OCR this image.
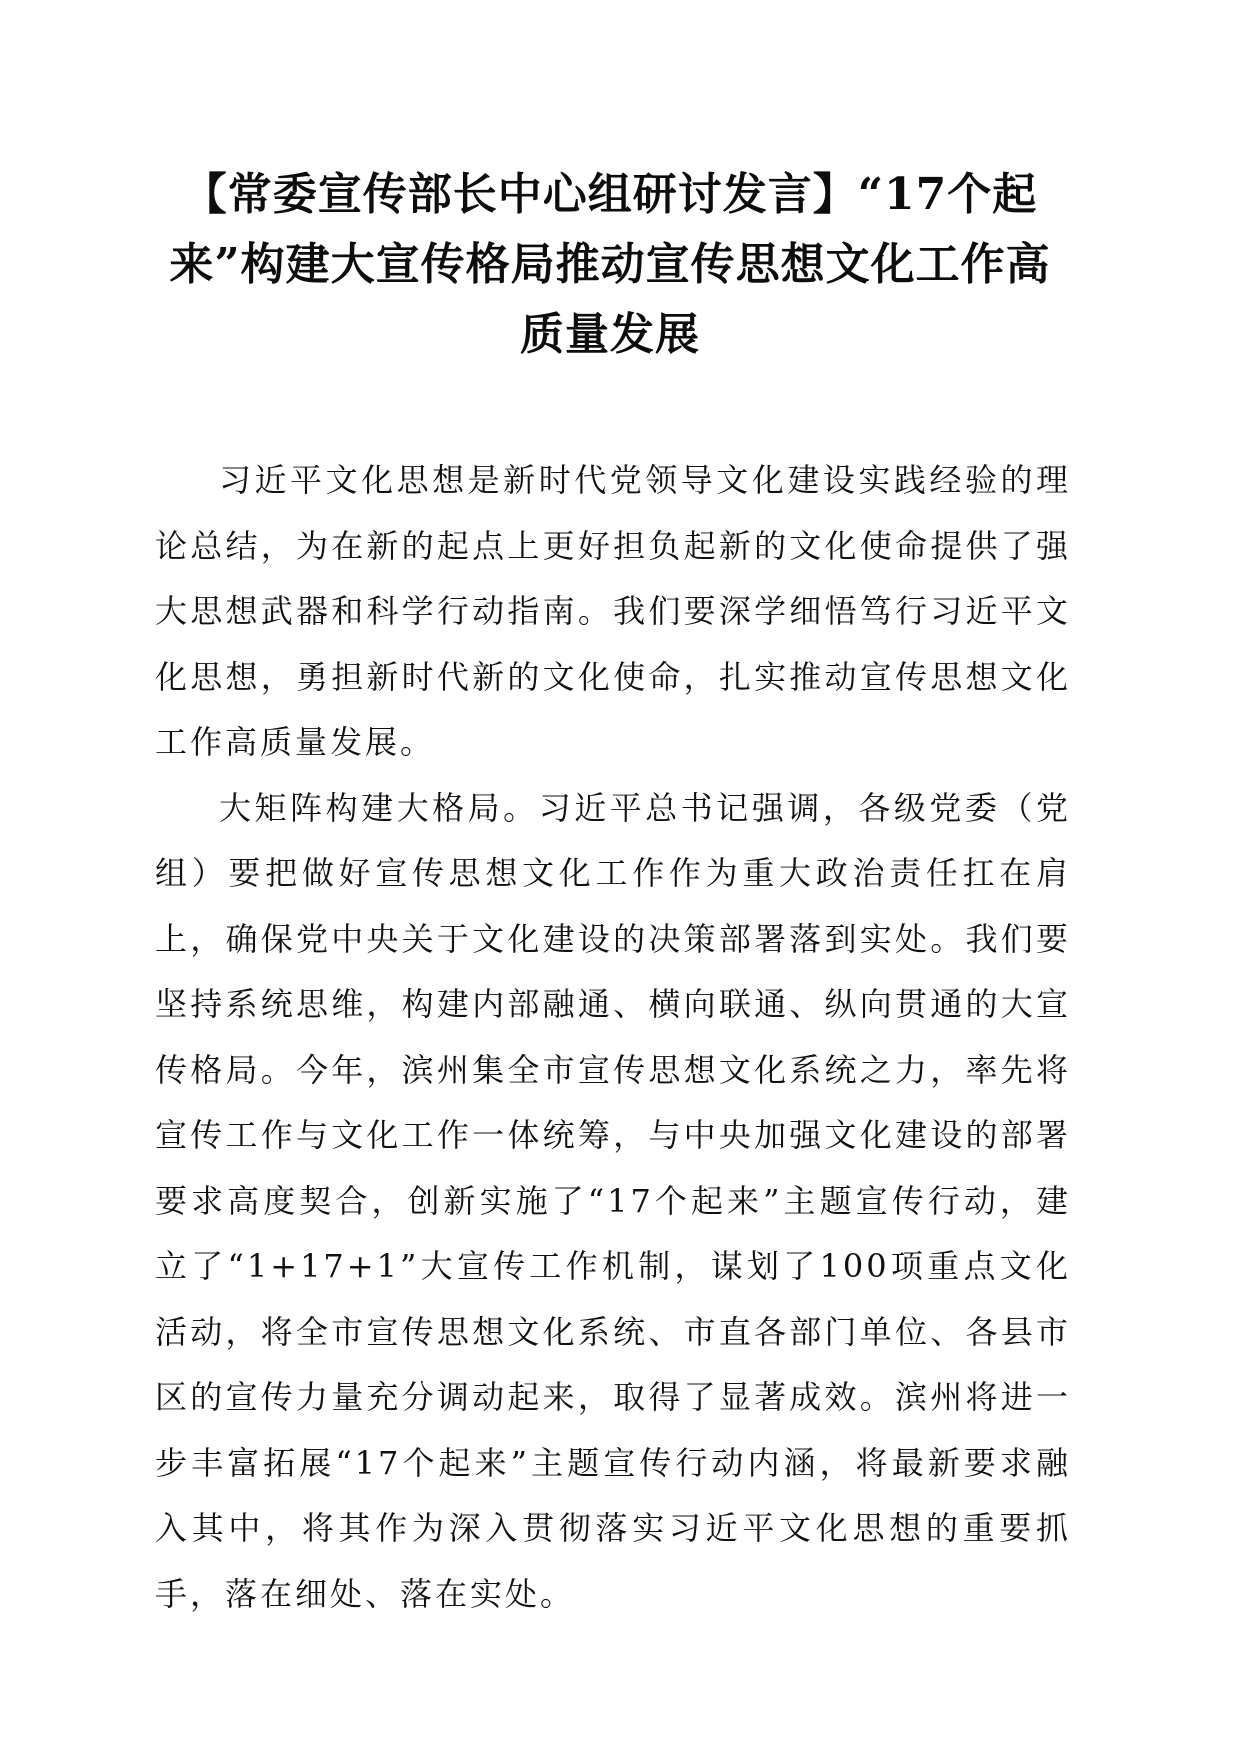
【常委宣传部长中心组研讨发言】“17个起
来”构建大宣传格局推动宣传思想文化工作高
质量发展

习近平文化思想是新时代党领导文化建设实践经验的理论总结，为在新的起点上更好担负起新的文化使命提供了强大思想武器和科学行动指南。我们要深学细悟笃行习近平文化思想，勇担新时代新的文化使命，扎实推动宣传思想文化工作高质量发展。

大矩阵构建大格局。习近平总书记强调，各级党委（党组）要把做好宣传思想文化工作作为重大政治责任扛在肩上，确保党中央关于文化建设的决策部署落到实处。我们要坚持系统思维，构建内部融通、横向联通、纵向贯通的大宣传格局。今年，滨州集全市宣传思想文化系统之力，率先将宣传工作与文化工作一体统筹，与中央加强文化建设的部署要求高度契合，创新实施了“17个起来”主题宣传行动，建立了“1+17+1”大宣传工作机制，谋划了100项重点文化活动，将全市宣传思想文化系统、市直各部门单位、各县市区的宣传力量充分调动起来，取得了显著成效。滨州将进一步丰富拓展“17个起来”主题宣传行动内涵，将最新要求融入其中，将其作为深入贯彻落实习近平文化思想的重要抓手，落在细处、落在实处。
